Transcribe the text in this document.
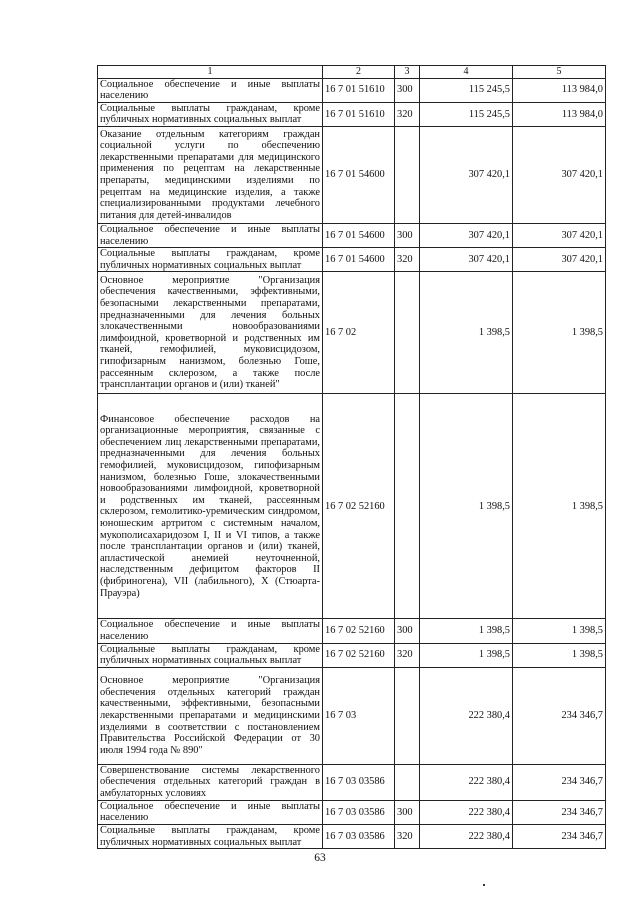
1	2	3	4	5
Социальное обеспечение и иные выплаты населению	16 7 01 51610	300	115 245,5	113 984,0
Социальные выплаты гражданам, кроме публичных нормативных социальных выплат	16 7 01 51610	320	115 245,5	113 984,0
Оказание отдельным категориям граждан социальной услуги по обеспечению лекарственными препаратами для медицинского применения по рецептам на лекарственные препараты, медицинскими изделиями по рецептам на медицинские изделия, а также специализированными продуктами лечебного питания для детей-инвалидов	16 7 01 54600		307 420,1	307 420,1
Социальное обеспечение и иные выплаты населению	16 7 01 54600	300	307 420,1	307 420,1
Социальные выплаты гражданам, кроме публичных нормативных социальных выплат	16 7 01 54600	320	307 420,1	307 420,1
Основное мероприятие "Организация обеспечения качественными, эффективными, безопасными лекарственными препаратами, предназначенными для лечения больных злокачественными новообразованиями лимфоидной, кроветворной и родственных им тканей, гемофилией, муковисцидозом, гипофизарным нанизмом, болезнью Гоше, рассеянным склерозом, а также после трансплантации органов и (или) тканей"	16 7 02		1 398,5	1 398,5
Финансовое обеспечение расходов на организационные мероприятия, связанные с обеспечением лиц лекарственными препаратами, предназначенными для лечения больных гемофилией, муковисцидозом, гипофизарным нанизмом, болезнью Гоше, злокачественными новообразованиями лимфоидной, кроветворной и родственных им тканей, рассеянным склерозом, гемолитико-уремическим синдромом, юношеским артритом с системным началом, мукополисахаридозом I, II и VI типов, а также после трансплантации органов и (или) тканей, апластической анемией неуточненной, наследственным дефицитом факторов II (фибриногена), VII (лабильного), X (Стюарта-Прауэра)	16 7 02 52160		1 398,5	1 398,5
Социальное обеспечение и иные выплаты населению	16 7 02 52160	300	1 398,5	1 398,5
Социальные выплаты гражданам, кроме публичных нормативных социальных выплат	16 7 02 52160	320	1 398,5	1 398,5
Основное мероприятие "Организация обеспечения отдельных категорий граждан качественными, эффективными, безопасными лекарственными препаратами и медицинскими изделиями в соответствии с постановлением Правительства Российской Федерации от 30 июля 1994 года № 890"	16 7 03		222 380,4	234 346,7
Совершенствование системы лекарственного обеспечения отдельных категорий граждан в амбулаторных условиях	16 7 03 03586		222 380,4	234 346,7
Социальное обеспечение и иные выплаты населению	16 7 03 03586	300	222 380,4	234 346,7
Социальные выплаты гражданам, кроме публичных нормативных социальных выплат	16 7 03 03586	320	222 380,4	234 346,7
63
